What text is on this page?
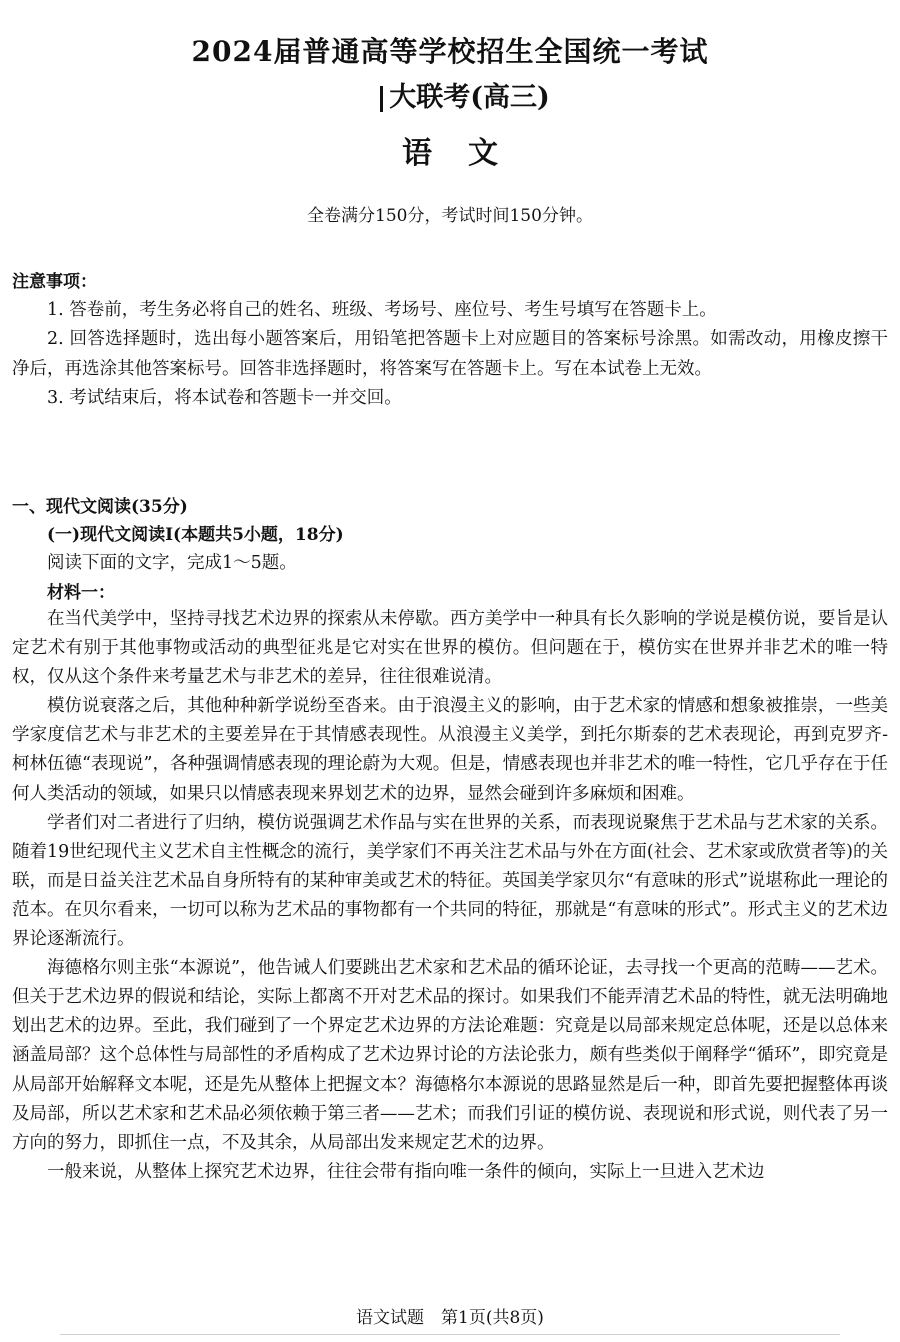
2024届普通高等学校招生全国统一考试
大联考(高三)
语文
全卷满分150分，考试时间150分钟。
注意事项：

1. 答卷前，考生务必将自己的姓名、班级、考场号、座位号、考生号填写在答题卡上。

2. 回答选择题时，选出每小题答案后，用铅笔把答题卡上对应题目的答案标号涂黑。如需改动，用橡皮擦干净后，再选涂其他答案标号。回答非选择题时，将答案写在答题卡上。写在本试卷上无效。

3. 考试结束后，将本试卷和答题卡一并交回。

一、现代文阅读(35分)
(一)现代文阅读Ⅰ(本题共5小题，18分)
阅读下面的文字，完成1～5题。
材料一：

在当代美学中，坚持寻找艺术边界的探索从未停歇。西方美学中一种具有长久影响的学说是模仿说，要旨是认定艺术有别于其他事物或活动的典型征兆是它对实在世界的模仿。但问题在于，模仿实在世界并非艺术的唯一特权，仅从这个条件来考量艺术与非艺术的差异，往往很难说清。

模仿说衰落之后，其他种种新学说纷至沓来。由于浪漫主义的影响，由于艺术家的情感和想象被推崇，一些美学家度信艺术与非艺术的主要差异在于其情感表现性。从浪漫主义美学，到托尔斯泰的艺术表现论，再到克罗齐-柯林伍德“表现说”，各种强调情感表现的理论蔚为大观。但是，情感表现也并非艺术的唯一特性，它几乎存在于任何人类活动的领域，如果只以情感表现来界划艺术的边界，显然会碰到许多麻烦和困难。

学者们对二者进行了归纳，模仿说强调艺术作品与实在世界的关系，而表现说聚焦于艺术品与艺术家的关系。随着19世纪现代主义艺术自主性概念的流行，美学家们不再关注艺术品与外在方面(社会、艺术家或欣赏者等)的关联，而是日益关注艺术品自身所特有的某种审美或艺术的特征。英国美学家贝尔“有意味的形式”说堪称此一理论的范本。在贝尔看来，一切可以称为艺术品的事物都有一个共同的特征，那就是“有意味的形式”。形式主义的艺术边界论逐渐流行。

海德格尔则主张“本源说”，他告诫人们要跳出艺术家和艺术品的循环论证，去寻找一个更高的范畴——艺术。但关于艺术边界的假说和结论，实际上都离不开对艺术品的探讨。如果我们不能弄清艺术品的特性，就无法明确地划出艺术的边界。至此，我们碰到了一个界定艺术边界的方法论难题：究竟是以局部来规定总体呢，还是以总体来涵盖局部？这个总体性与局部性的矛盾构成了艺术边界讨论的方法论张力，颇有些类似于阐释学“循环”，即究竟是从局部开始解释文本呢，还是先从整体上把握文本？海德格尔本源说的思路显然是后一种，即首先要把握整体再谈及局部，所以艺术家和艺术品必须依赖于第三者——艺术；而我们引证的模仿说、表现说和形式说，则代表了另一方向的努力，即抓住一点，不及其余，从局部出发来规定艺术的边界。

一般来说，从整体上探究艺术边界，往往会带有指向唯一条件的倾向，实际上一旦进入艺术边

语文试题　第1页(共8页)
